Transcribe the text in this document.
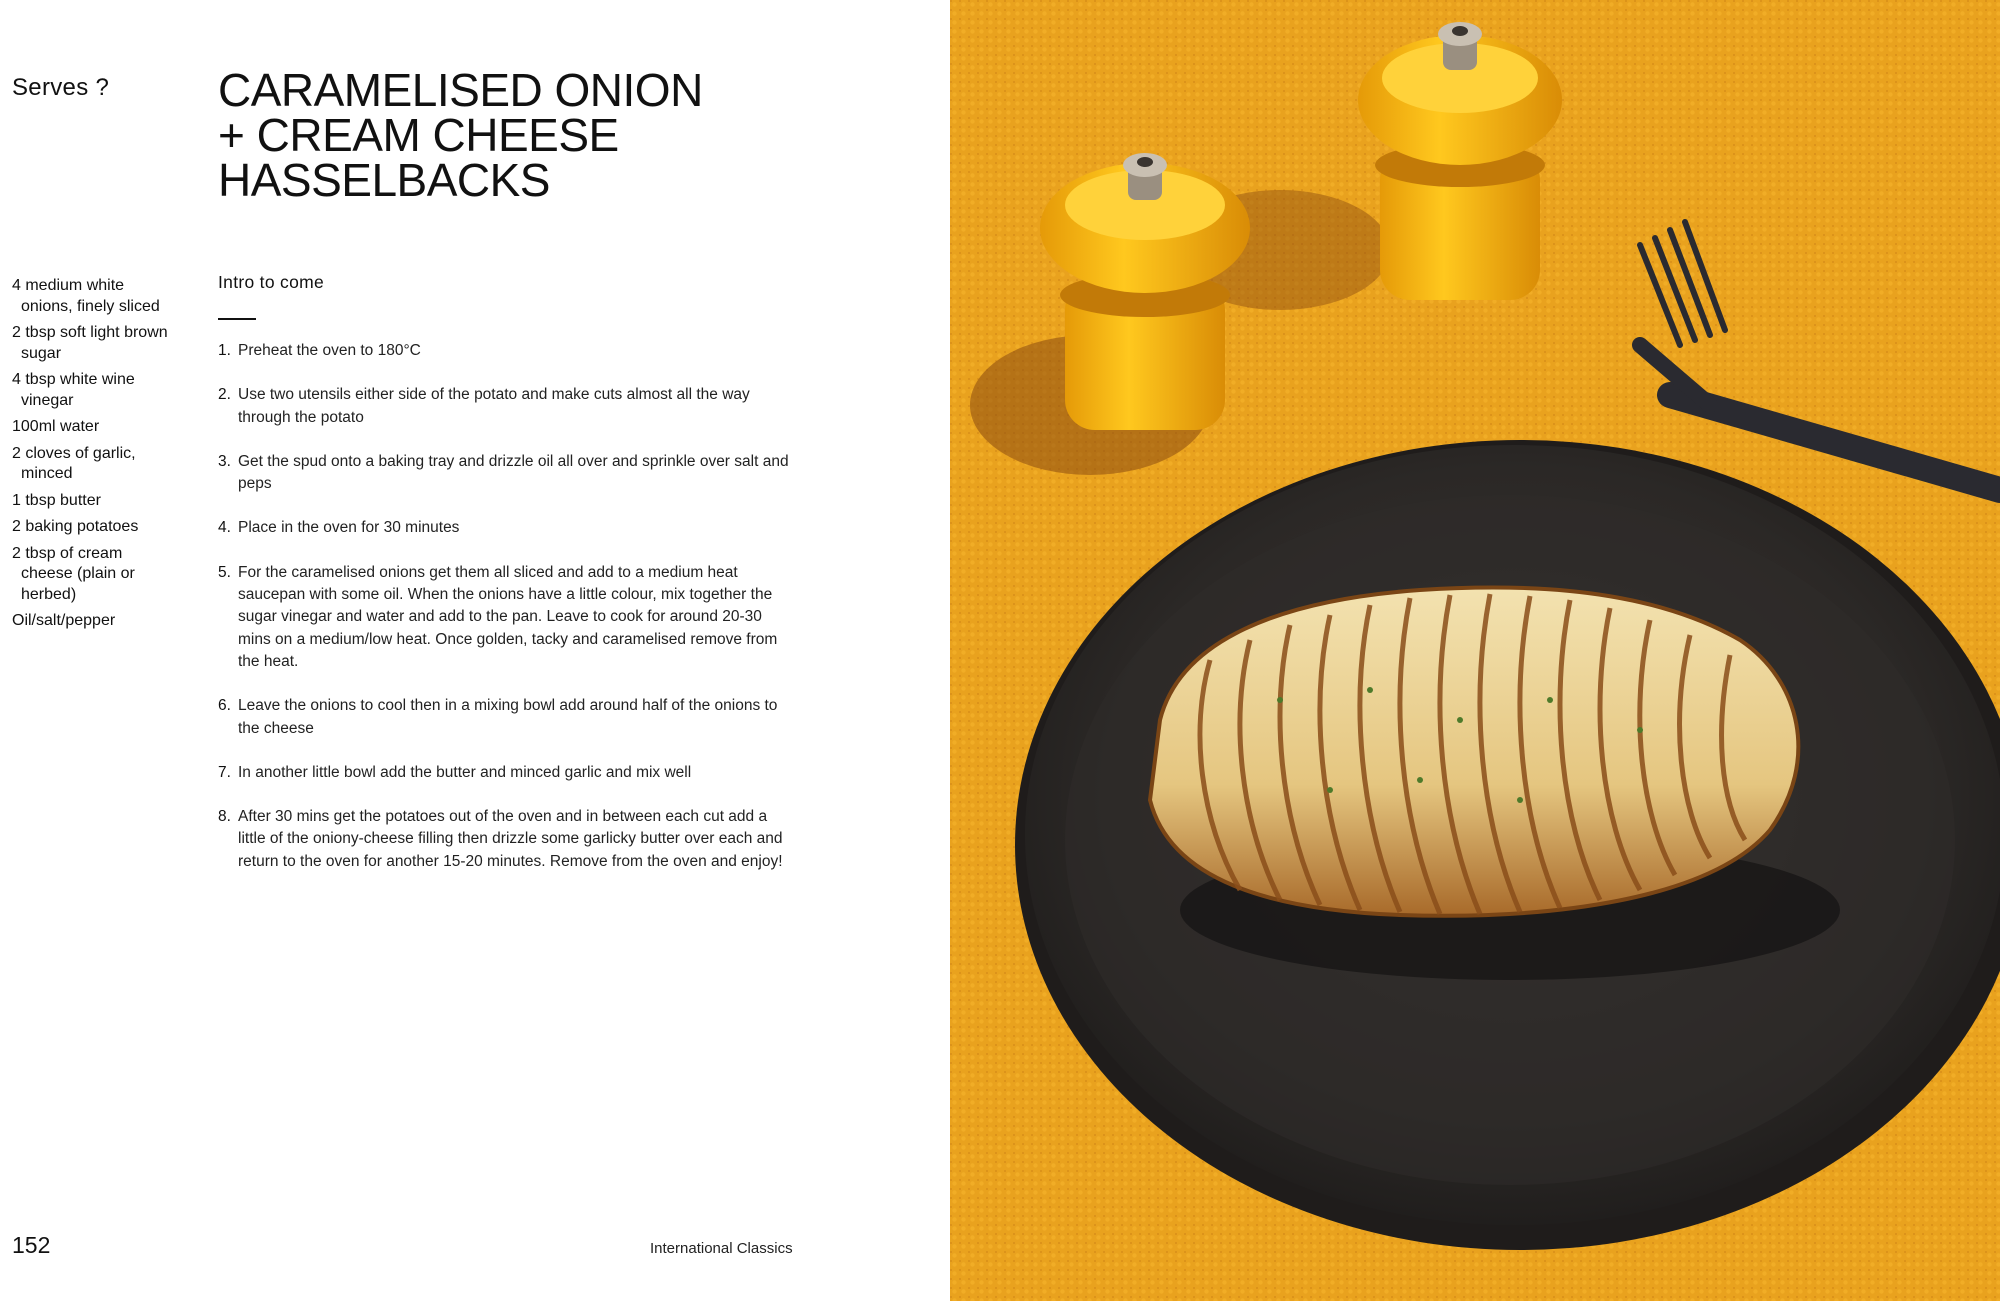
Serves ? CARAMELISED ONION
+ CREAM CHEESE
HASSELBACKS
4 medium white onions, finely sliced
2 tbsp soft light brown sugar
4 tbsp white wine vinegar
100ml water
2 cloves of garlic, minced
1 tbsp butter
2 baking potatoes
2 tbsp of cream cheese (plain or herbed)
Oil/salt/pepper
Intro to come
1. Preheat the oven to 180°C
2. Use two utensils either side of the potato and make cuts almost all the way through the potato
3. Get the spud onto a baking tray and drizzle oil all over and sprinkle over salt and peps
4. Place in the oven for 30 minutes
5. For the caramelised onions get them all sliced and add to a medium heat saucepan with some oil. When the onions have a little colour, mix together the sugar vinegar and water and add to the pan. Leave to cook for around 20-30 mins on a medium/low heat. Once golden, tacky and caramelised remove from the heat.
6. Leave the onions to cool then in a mixing bowl add around half of the onions to the cheese
7. In another little bowl add the butter and minced garlic and mix well
8. After 30 mins get the potatoes out of the oven and in between each cut add a little of the oniony-cheese filling then drizzle some garlicky butter over each and return to the oven for another 15-20 minutes. Remove from the oven and enjoy!
152	International Classics
